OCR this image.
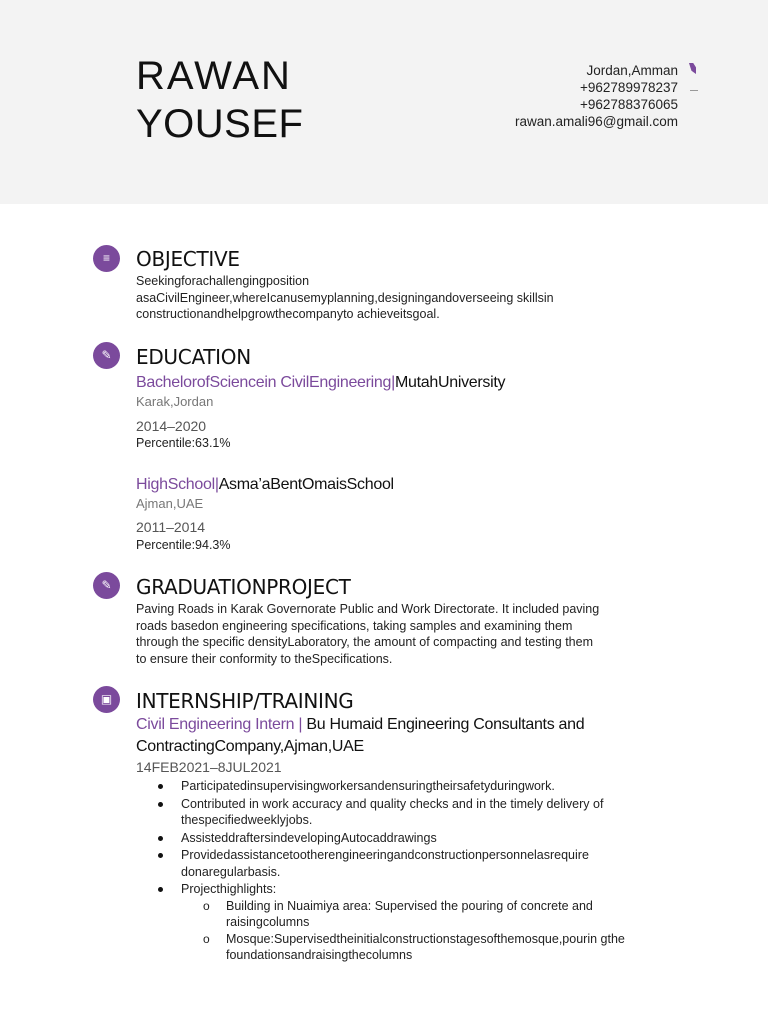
RAWAN
YOUSEF
Jordan,Amman
+962789978237
+962788376065
rawan.amali96@gmail.com
≡	OBJECTIVE
Seekingforachallengingposition
asaCivilEngineer,whereIcanusemyplanning,designingandoverseeing skillsin
constructionandhelpgrowthecompanyto achieveitsgoal.
✎	EDUCATION
BachelorofSciencein CivilEngineering|MutahUniversity
Karak,Jordan
2014–2020
Percentile:63.1%
HighSchool|Asma’aBentOmaisSchool
Ajman,UAE
2011–2014
Percentile:94.3%
✎	GRADUATIONPROJECT
Paving Roads in Karak Governorate Public and Work Directorate. It included paving
roads basedon engineering specifications, taking samples and examining them
through the specific densityLaboratory, the amount of compacting and testing them
to ensure their conformity to theSpecifications.
▣	INTERNSHIP/TRAINING
Civil Engineering Intern | Bu Humaid Engineering Consultants and
ContractingCompany,Ajman,UAE
14FEB2021–8JUL2021
Participatedinsupervisingworkersandensuringtheirsafetyduringwork.
Contributed in work accuracy and quality checks and in the timely delivery of thespecifiedweeklyjobs.
AssisteddraftersindevelopingAutocaddrawings
Providedassistancetootherengineeringandconstructionpersonnelasrequire donaregularbasis.
Projecthighlights:
o Building in Nuaimiya area: Supervised the pouring of concrete and raisingcolumns
o Mosque:Supervisedtheinitialconstructionstagesofthemosque,pourin gthefoundationsandraisingthecolumns
